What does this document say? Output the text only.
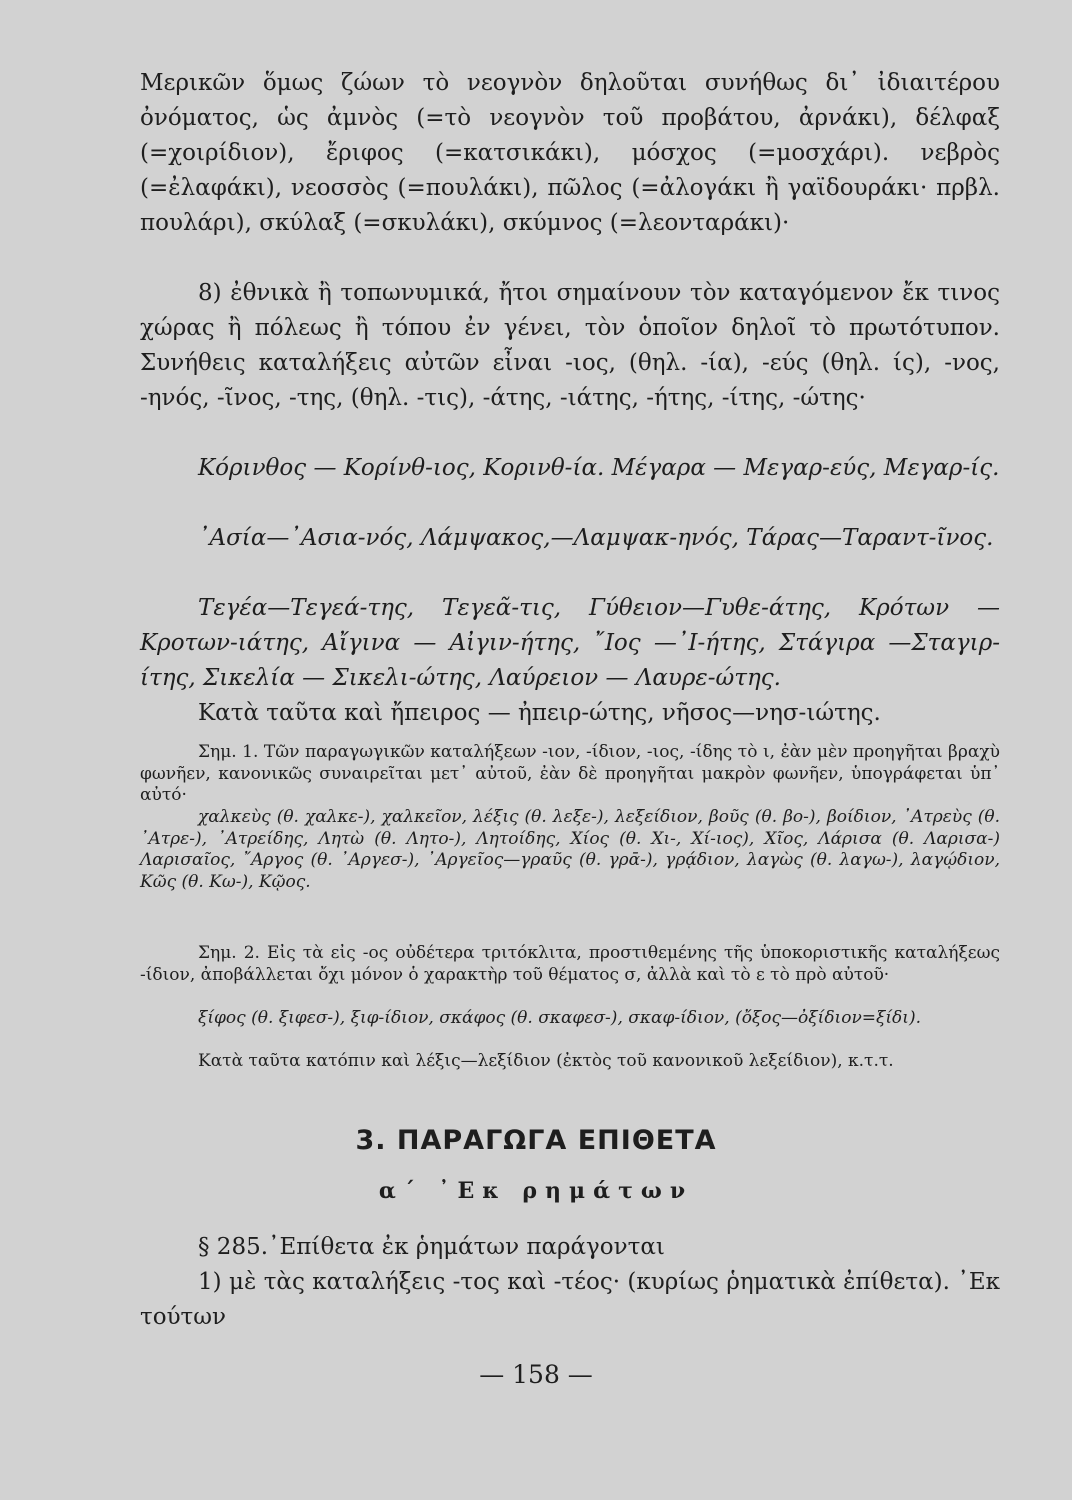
Μερικῶν ὅμως ζώων τὸ νεογνὸν δηλοῦται συνήθως δι᾽ ἰδιαιτέρου ὀνόματος, ὡς ἀμνὸς (=τὸ νεογνὸν τοῦ προβάτου, ἀρνάκι), δέλφαξ (=χοιρίδιον), ἔριφος (=κατσικάκι), μόσχος (=μοσχάρι). νεβρὸς (=ἐλαφάκι), νεοσσὸς (=πουλάκι), πῶλος (=ἀλογάκι ἢ γαϊδουράκι· πρβλ. πουλάρι), σκύλαξ (=σκυλάκι), σκύμνος (=λεονταράκι)·

8) ἐθνικὰ ἢ τοπωνυμικά, ἤτοι σημαίνουν τὸν καταγόμενον ἔκ τινος χώρας ἢ πόλεως ἢ τόπου ἐν γένει, τὸν ὁποῖον δηλοῖ τὸ πρωτότυπον. Συνήθεις καταλήξεις αὐτῶν εἶναι -ιος, (θηλ. -ία), -εύς (θηλ. ίς), -νος, -ηνός, -ῖνος, -της, (θηλ. -τις), -άτης, -ιάτης, -ήτης, -ίτης, -ώτης·

Κόρινθος — Κορίνθ-ιος, Κορινθ-ία. Μέγαρα — Μεγαρ-εύς, Μεγαρ-ίς.

᾽Ασία—᾽Ασια-νός, Λάμψακος,—Λαμψακ-ηνός, Τάρας—Ταραντ-ῖνος.

Τεγέα—Τεγεά-της, Τεγεᾶ-τις, Γύθειον—Γυθε-άτης, Κρότων —Κροτων-ιάτης, Αἴγινα — Αἰγιν-ήτης, ῎Ιος —᾽Ι-ήτης, Στάγιρα —Σταγιρ-ίτης, Σικελία — Σικελι-ώτης, Λαύρειον — Λαυρε-ώτης.

Κατὰ ταῦτα καὶ ἤπειρος — ἠπειρ-ώτης, νῆσος—νησ-ιώτης.

Σημ. 1. Τῶν παραγωγικῶν καταλήξεων -ιον, -ίδιον, -ιος, -ίδης τὸ ι, ἐὰν μὲν προηγῆται βραχὺ φωνῆεν, κανονικῶς συναιρεῖται μετ᾽ αὐτοῦ, ἐὰν δὲ προηγῆται μακρὸν φωνῆεν, ὑπογράφεται ὑπ᾽ αὐτό·

χαλκεὺς (θ. χαλκε-), χαλκεῖον, λέξις (θ. λεξε-), λεξείδιον, βοῦς (θ. βο-), βοίδιον, ᾽Ατρεὺς (θ. ᾽Ατρε-), ᾽Ατρείδης, Λητὼ (θ. Λητο-), Λητοίδης, Χίος (θ. Χι-, Χί-ιος), Χῖος, Λάρισα (θ. Λαρισα-) Λαρισαῖος, ῎Αργος (θ. ᾽Αργεσ-), ᾽Αργεῖος—γραῦς (θ. γρᾱ-), γρᾴδιον, λαγὼς (θ. λαγω-), λαγῴδιον, Κῶς (θ. Κω-), Κῷος.

Σημ. 2. Εἰς τὰ εἰς -ος οὐδέτερα τριτόκλιτα, προστιθεμένης τῆς ὑποκοριστικῆς καταλήξεως -ίδιον, ἀποβάλλεται ὄχι μόνον ὁ χαρακτὴρ τοῦ θέματος σ, ἀλλὰ καὶ τὸ ε τὸ πρὸ αὐτοῦ·

ξίφος (θ. ξιφεσ-), ξιφ-ίδιον, σκάφος (θ. σκαφεσ-), σκαφ-ίδιον, (ὄξος—ὀξίδιον=ξίδι).

Κατὰ ταῦτα κατόπιν καὶ λέξις—λεξίδιον (ἐκτὸς τοῦ κανονικοῦ λεξείδιον), κ.τ.τ.

3. ΠΑΡΑΓΩΓΑ ΕΠΙΘΕΤΑ
α΄ ᾽Εκ ρημάτων

§ 285.᾽Επίθετα ἐκ ῥημάτων παράγονται

1) μὲ τὰς καταλήξεις -τος καὶ -τέος· (κυρίως ῥηματικὰ ἐπίθετα). ᾽Εκ τούτων

— 158 —
